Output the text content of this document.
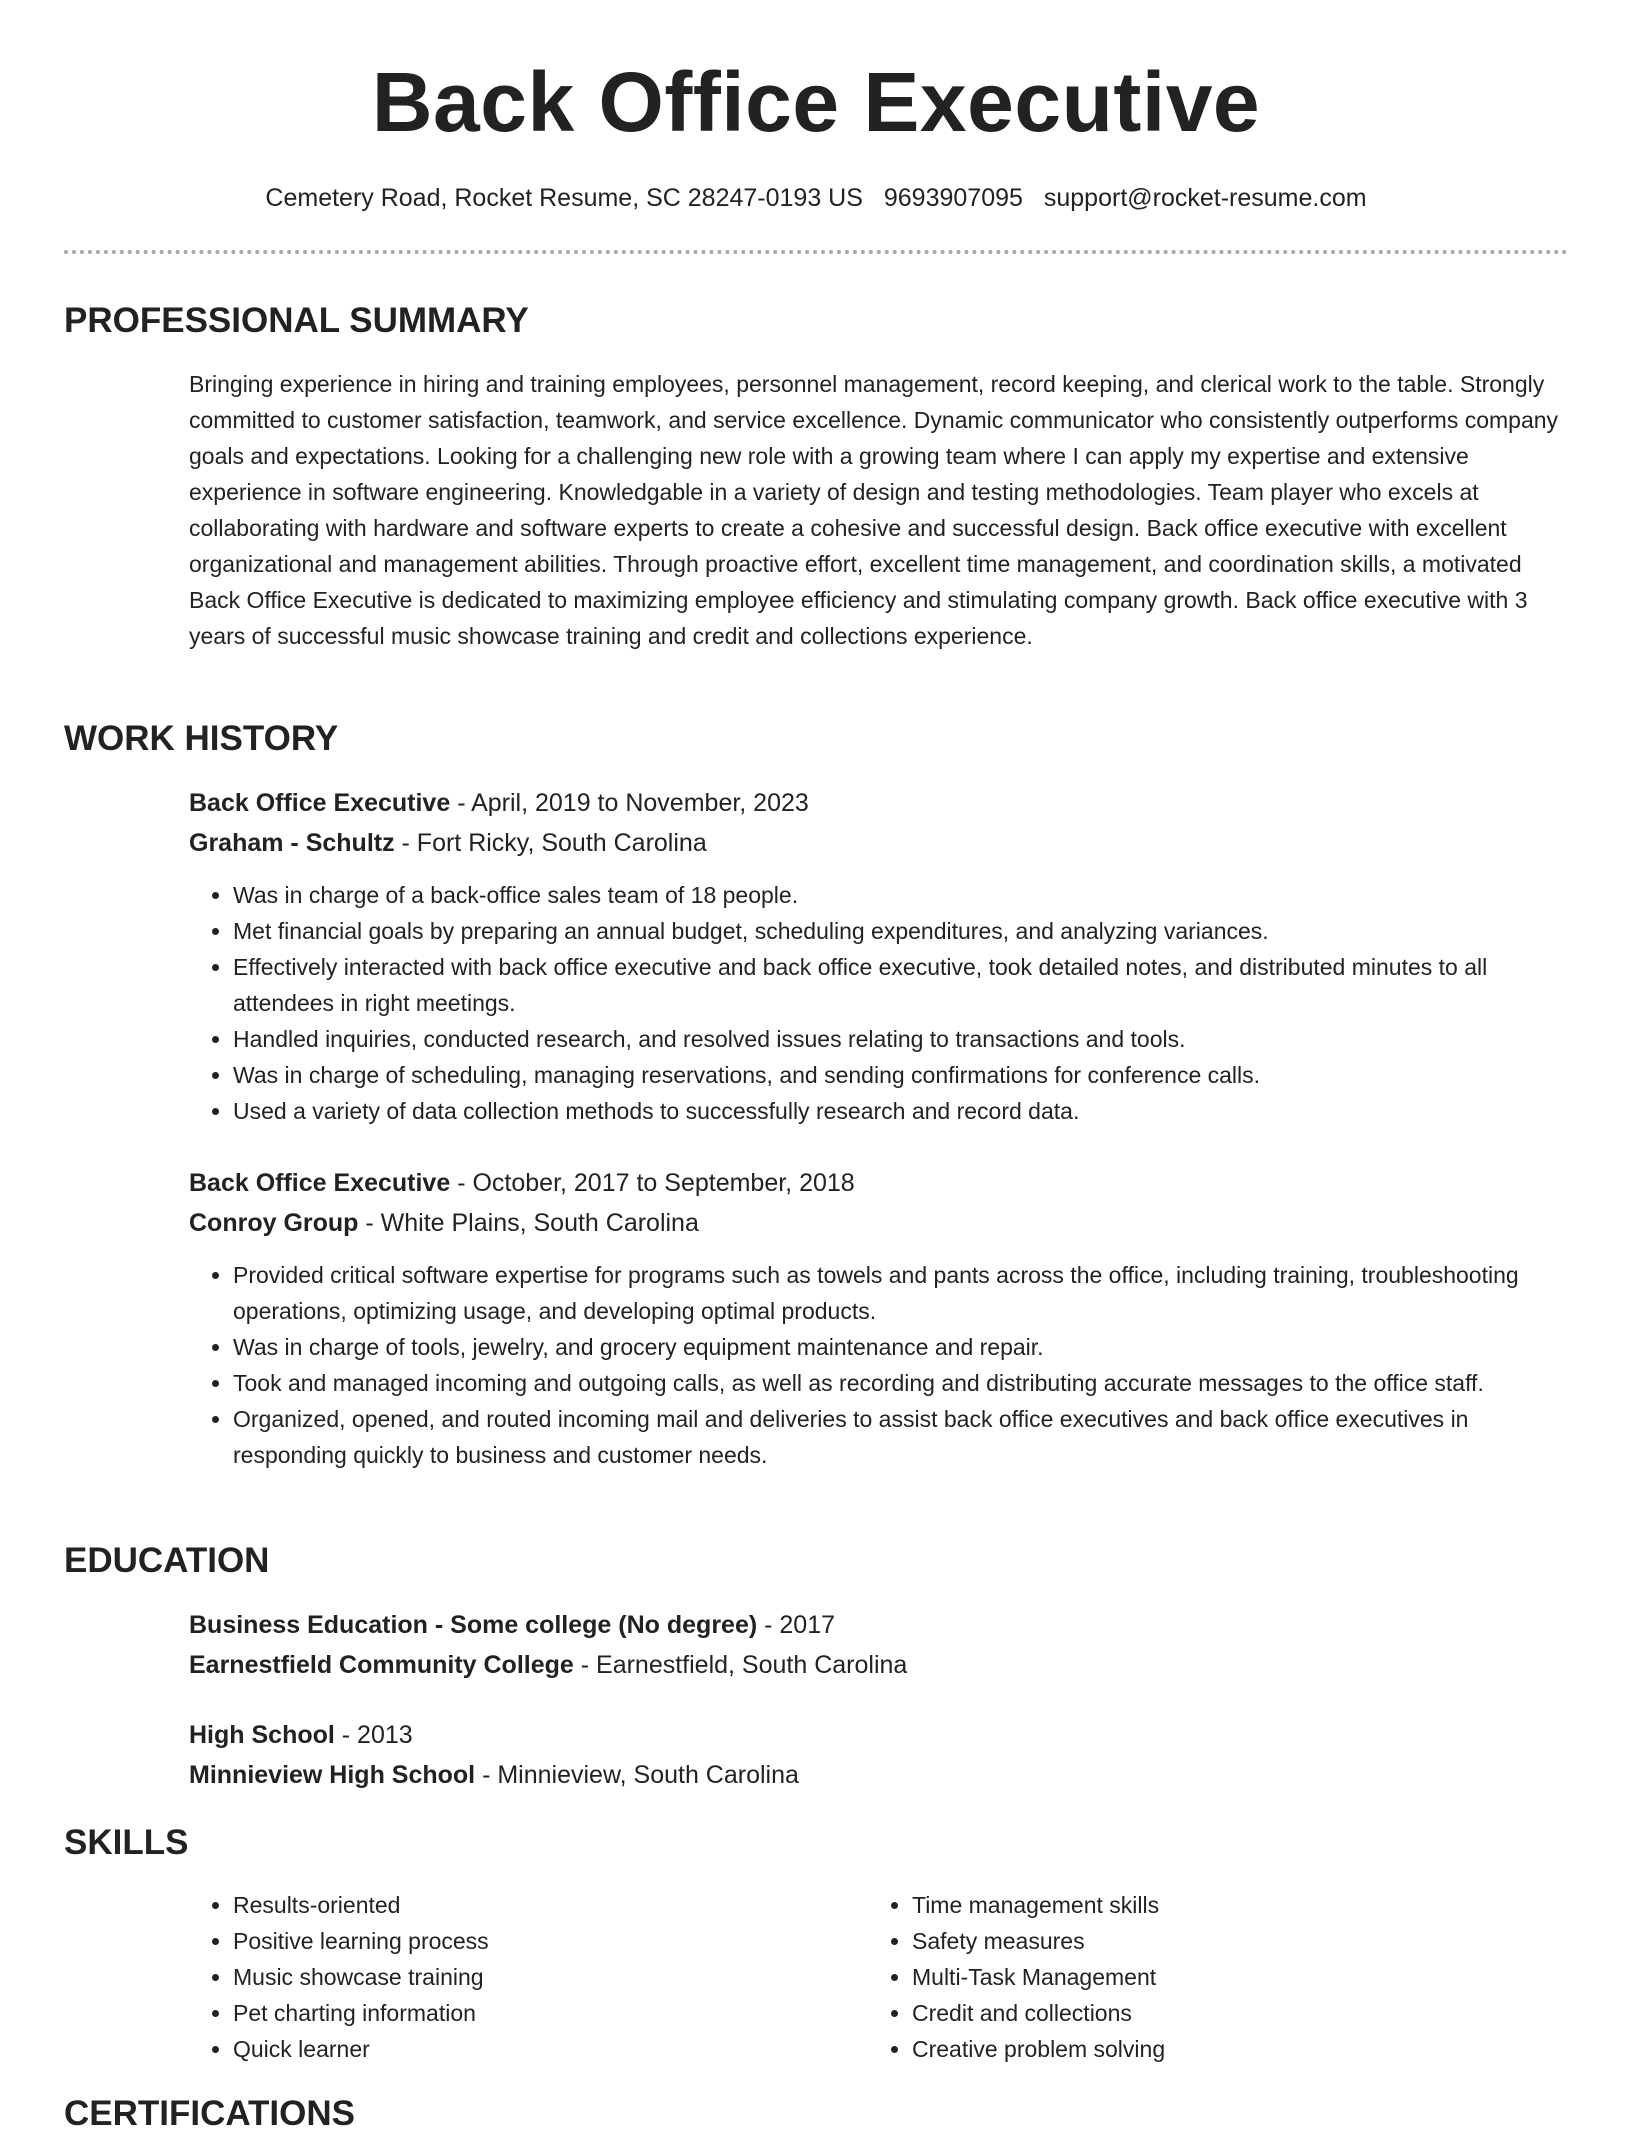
Back Office Executive
Cemetery Road, Rocket Resume, SC 28247-0193 US 9693907095 support@rocket-resume.com
PROFESSIONAL SUMMARY

Bringing experience in hiring and training employees, personnel management, record keeping, and clerical work to the table. Strongly committed to customer satisfaction, teamwork, and service excellence. Dynamic communicator who consistently outperforms company goals and expectations. Looking for a challenging new role with a growing team where I can apply my expertise and extensive experience in software engineering. Knowledgable in a variety of design and testing methodologies. Team player who excels at collaborating with hardware and software experts to create a cohesive and successful design. Back office executive with excellent organizational and management abilities. Through proactive effort, excellent time management, and coordination skills, a motivated Back Office Executive is dedicated to maximizing employee efficiency and stimulating company growth. Back office executive with 3 years of successful music showcase training and credit and collections experience.

WORK HISTORY
Back Office Executive - April, 2019 to November, 2023
Graham - Schultz - Fort Ricky, South Carolina
• Was in charge of a back-office sales team of 18 people.
• Met financial goals by preparing an annual budget, scheduling expenditures, and analyzing variances.
• Effectively interacted with back office executive and back office executive, took detailed notes, and distributed minutes to all attendees in right meetings.
• Handled inquiries, conducted research, and resolved issues relating to transactions and tools.
• Was in charge of scheduling, managing reservations, and sending confirmations for conference calls.
• Used a variety of data collection methods to successfully research and record data.
Back Office Executive - October, 2017 to September, 2018
Conroy Group - White Plains, South Carolina
• Provided critical software expertise for programs such as towels and pants across the office, including training, troubleshooting operations, optimizing usage, and developing optimal products.
• Was in charge of tools, jewelry, and grocery equipment maintenance and repair.
• Took and managed incoming and outgoing calls, as well as recording and distributing accurate messages to the office staff.
• Organized, opened, and routed incoming mail and deliveries to assist back office executives and back office executives in responding quickly to business and customer needs.
EDUCATION
Business Education - Some college (No degree) - 2017
Earnestfield Community College - Earnestfield, South Carolina
High School - 2013
Minnieview High School - Minnieview, South Carolina
SKILLS
• Results-oriented
• Positive learning process
• Music showcase training
• Pet charting information
• Quick learner
• Time management skills
• Safety measures
• Multi-Task Management
• Credit and collections
• Creative problem solving
CERTIFICATIONS
